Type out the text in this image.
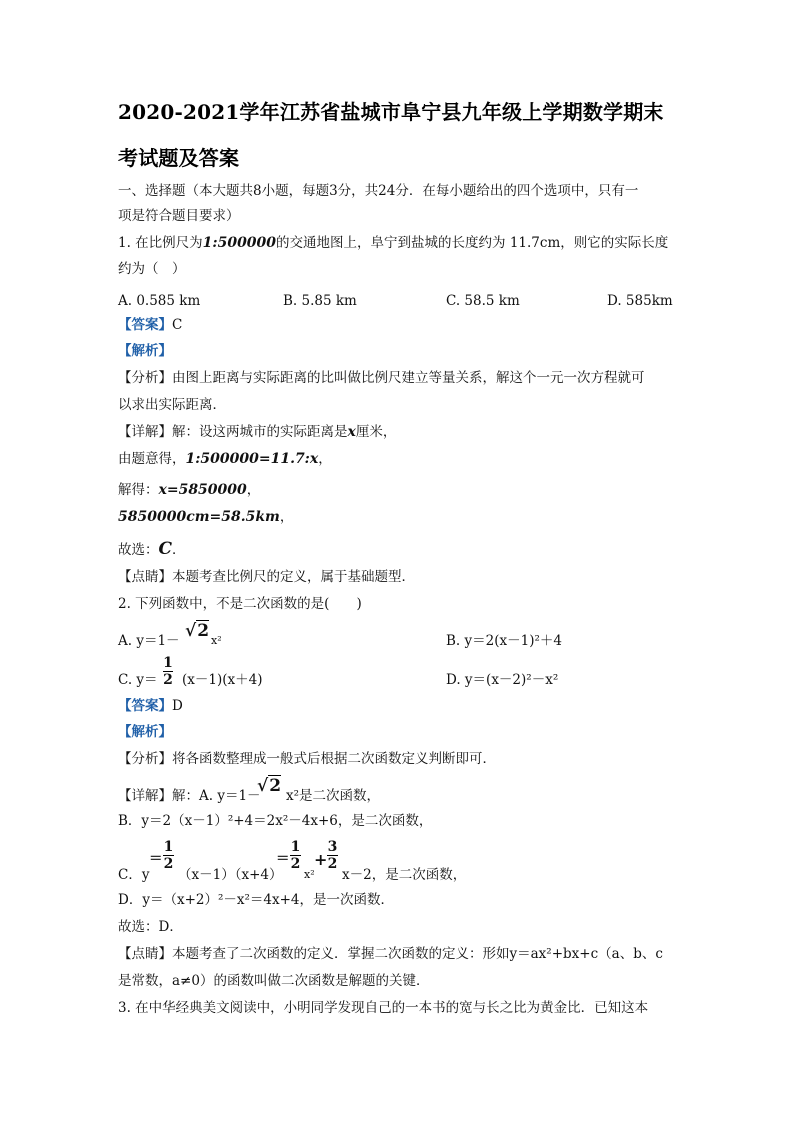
2020-2021学年江苏省盐城市阜宁县九年级上学期数学期末
考试题及答案
一、选择题（本大题共8小题，每题3分，共24分．在每小题给出的四个选项中，只有一
项是符合题目要求）
1. 在比例尺为1:500000的交通地图上，阜宁到盐城的长度约为 11.7cm，则它的实际长度
约为（　）
A. 0.585 km	B. 5.85 km	C. 58.5 km	D. 585km
【答案】C
【解析】
【分析】由图上距离与实际距离的比叫做比例尺建立等量关系，解这个一元一次方程就可
以求出实际距离．
【详解】解：设这两城市的实际距离是x厘米，
由题意得，1:500000=11.7:x，
解得：x=5850000，
5850000cm=58.5km，
故选：C．
【点睛】本题考查比例尺的定义，属于基础题型．
2. 下列函数中，不是二次函数的是(　　)
A. y＝1－ √2 x²	B. y＝2(x－1)²＋4
C. y＝
1
2 (x－1)(x＋4)	D. y＝(x－2)²－x²
【答案】D
【解析】
【分析】将各函数整理成一般式后根据二次函数定义判断即可．
【详解】解：A. y＝1－
√2 x²是二次函数，
B．y＝2（x－1）²+4＝2x²－4x+6，是二次函数，
C．y
＝
1
2
（x－1）（x+4）
＝
1
2
x²
+
3
2
x－2，是二次函数，
D．y＝（x+2）²－x²＝4x+4，是一次函数．
故选：D．
【点睛】本题考查了二次函数的定义．掌握二次函数的定义：形如y＝ax²+bx+c（a、b、c
是常数，a≠0）的函数叫做二次函数是解题的关键．
3. 在中华经典美文阅读中，小明同学发现自己的一本书的宽与长之比为黄金比．已知这本
